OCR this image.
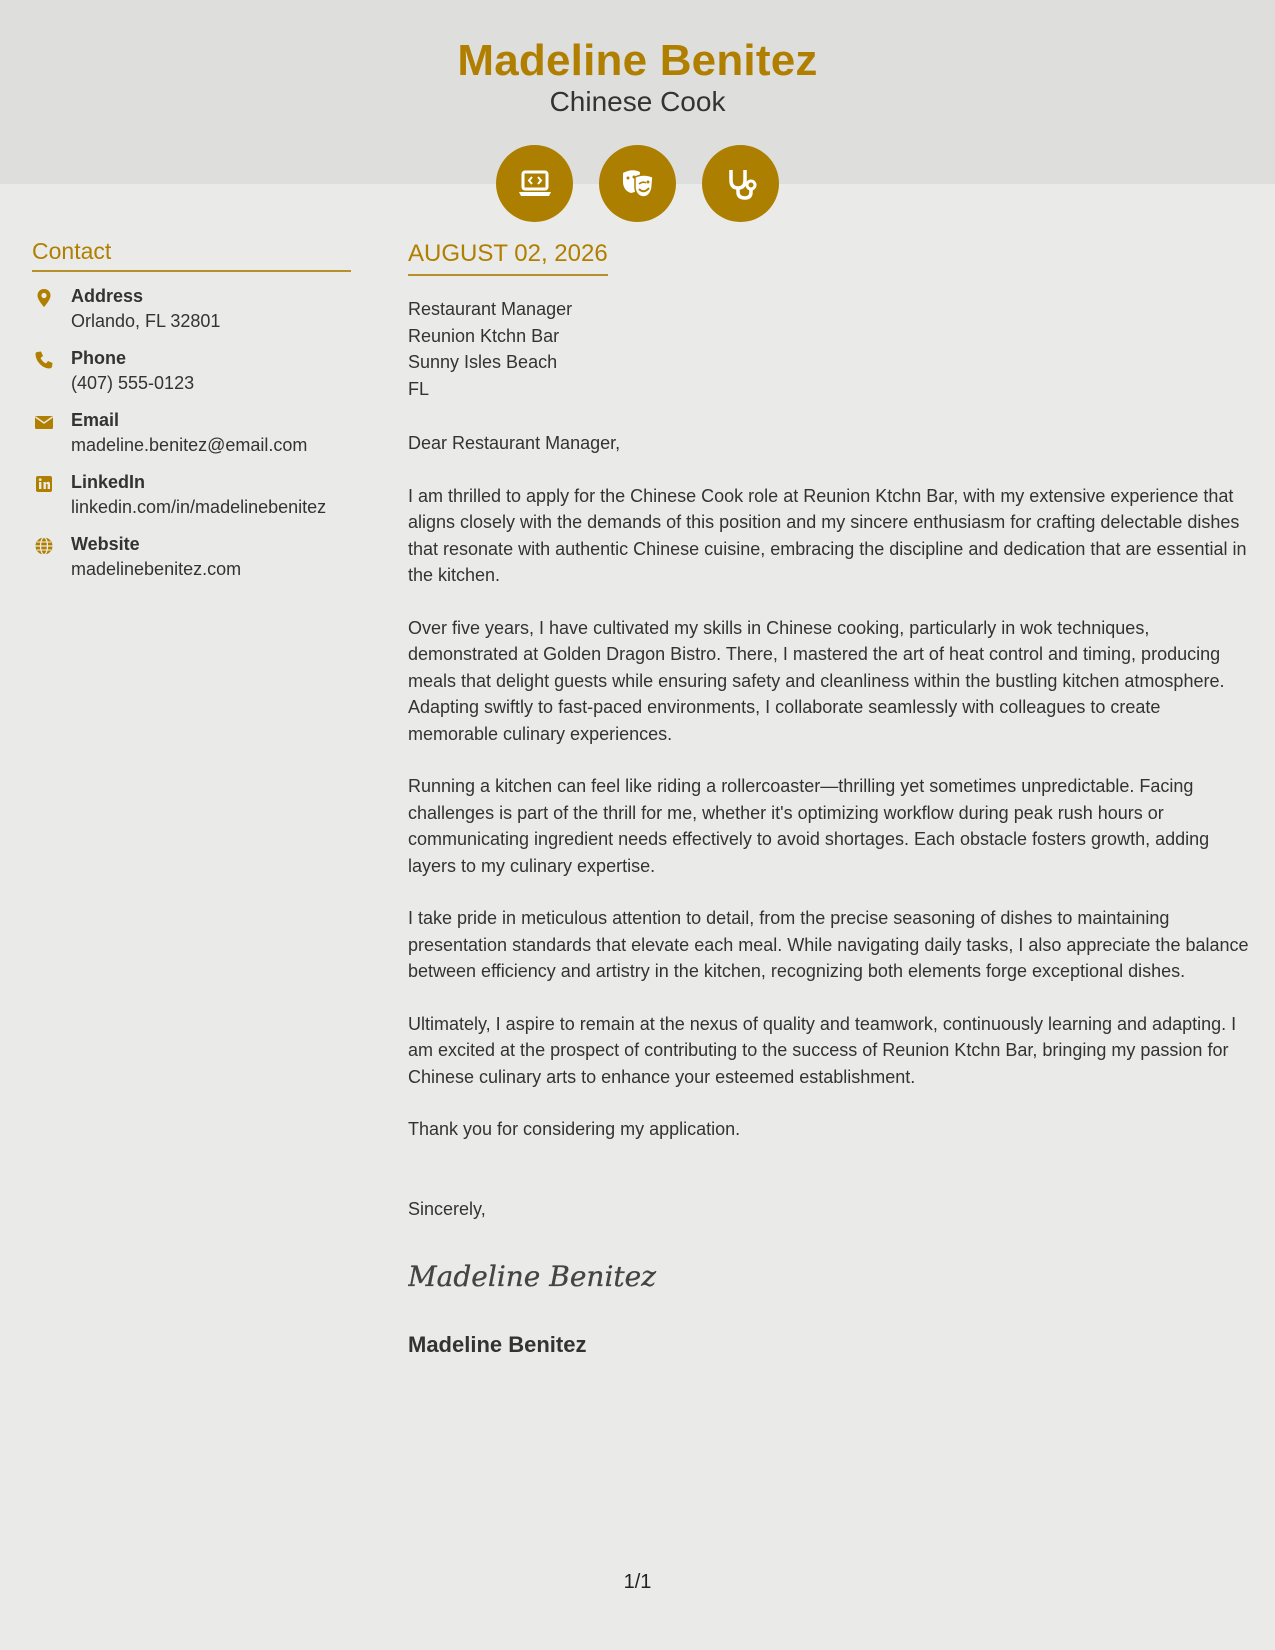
Madeline Benitez
Chinese Cook
Contact
Address
Orlando, FL 32801
Phone
(407) 555-0123
Email
madeline.benitez@email.com
LinkedIn
linkedin.com/in/madelinebenitez
Website
madelinebenitez.com
AUGUST 02, 2026
Restaurant Manager
Reunion Ktchn Bar
Sunny Isles Beach
FL
Dear Restaurant Manager,

I am thrilled to apply for the Chinese Cook role at Reunion Ktchn Bar, with my extensive experience that aligns closely with the demands of this position and my sincere enthusiasm for crafting delectable dishes that resonate with authentic Chinese cuisine, embracing the discipline and dedication that are essential in the kitchen.

Over five years, I have cultivated my skills in Chinese cooking, particularly in wok techniques, demonstrated at Golden Dragon Bistro. There, I mastered the art of heat control and timing, producing meals that delight guests while ensuring safety and cleanliness within the bustling kitchen atmosphere. Adapting swiftly to fast-paced environments, I collaborate seamlessly with colleagues to create memorable culinary experiences.

Running a kitchen can feel like riding a rollercoaster—thrilling yet sometimes unpredictable. Facing challenges is part of the thrill for me, whether it's optimizing workflow during peak rush hours or communicating ingredient needs effectively to avoid shortages. Each obstacle fosters growth, adding layers to my culinary expertise.

I take pride in meticulous attention to detail, from the precise seasoning of dishes to maintaining presentation standards that elevate each meal. While navigating daily tasks, I also appreciate the balance between efficiency and artistry in the kitchen, recognizing both elements forge exceptional dishes.

Ultimately, I aspire to remain at the nexus of quality and teamwork, continuously learning and adapting. I am excited at the prospect of contributing to the success of Reunion Ktchn Bar, bringing my passion for Chinese culinary arts to enhance your esteemed establishment.

Thank you for considering my application.

Sincerely,
Madeline Benitez
Madeline Benitez
1/1
